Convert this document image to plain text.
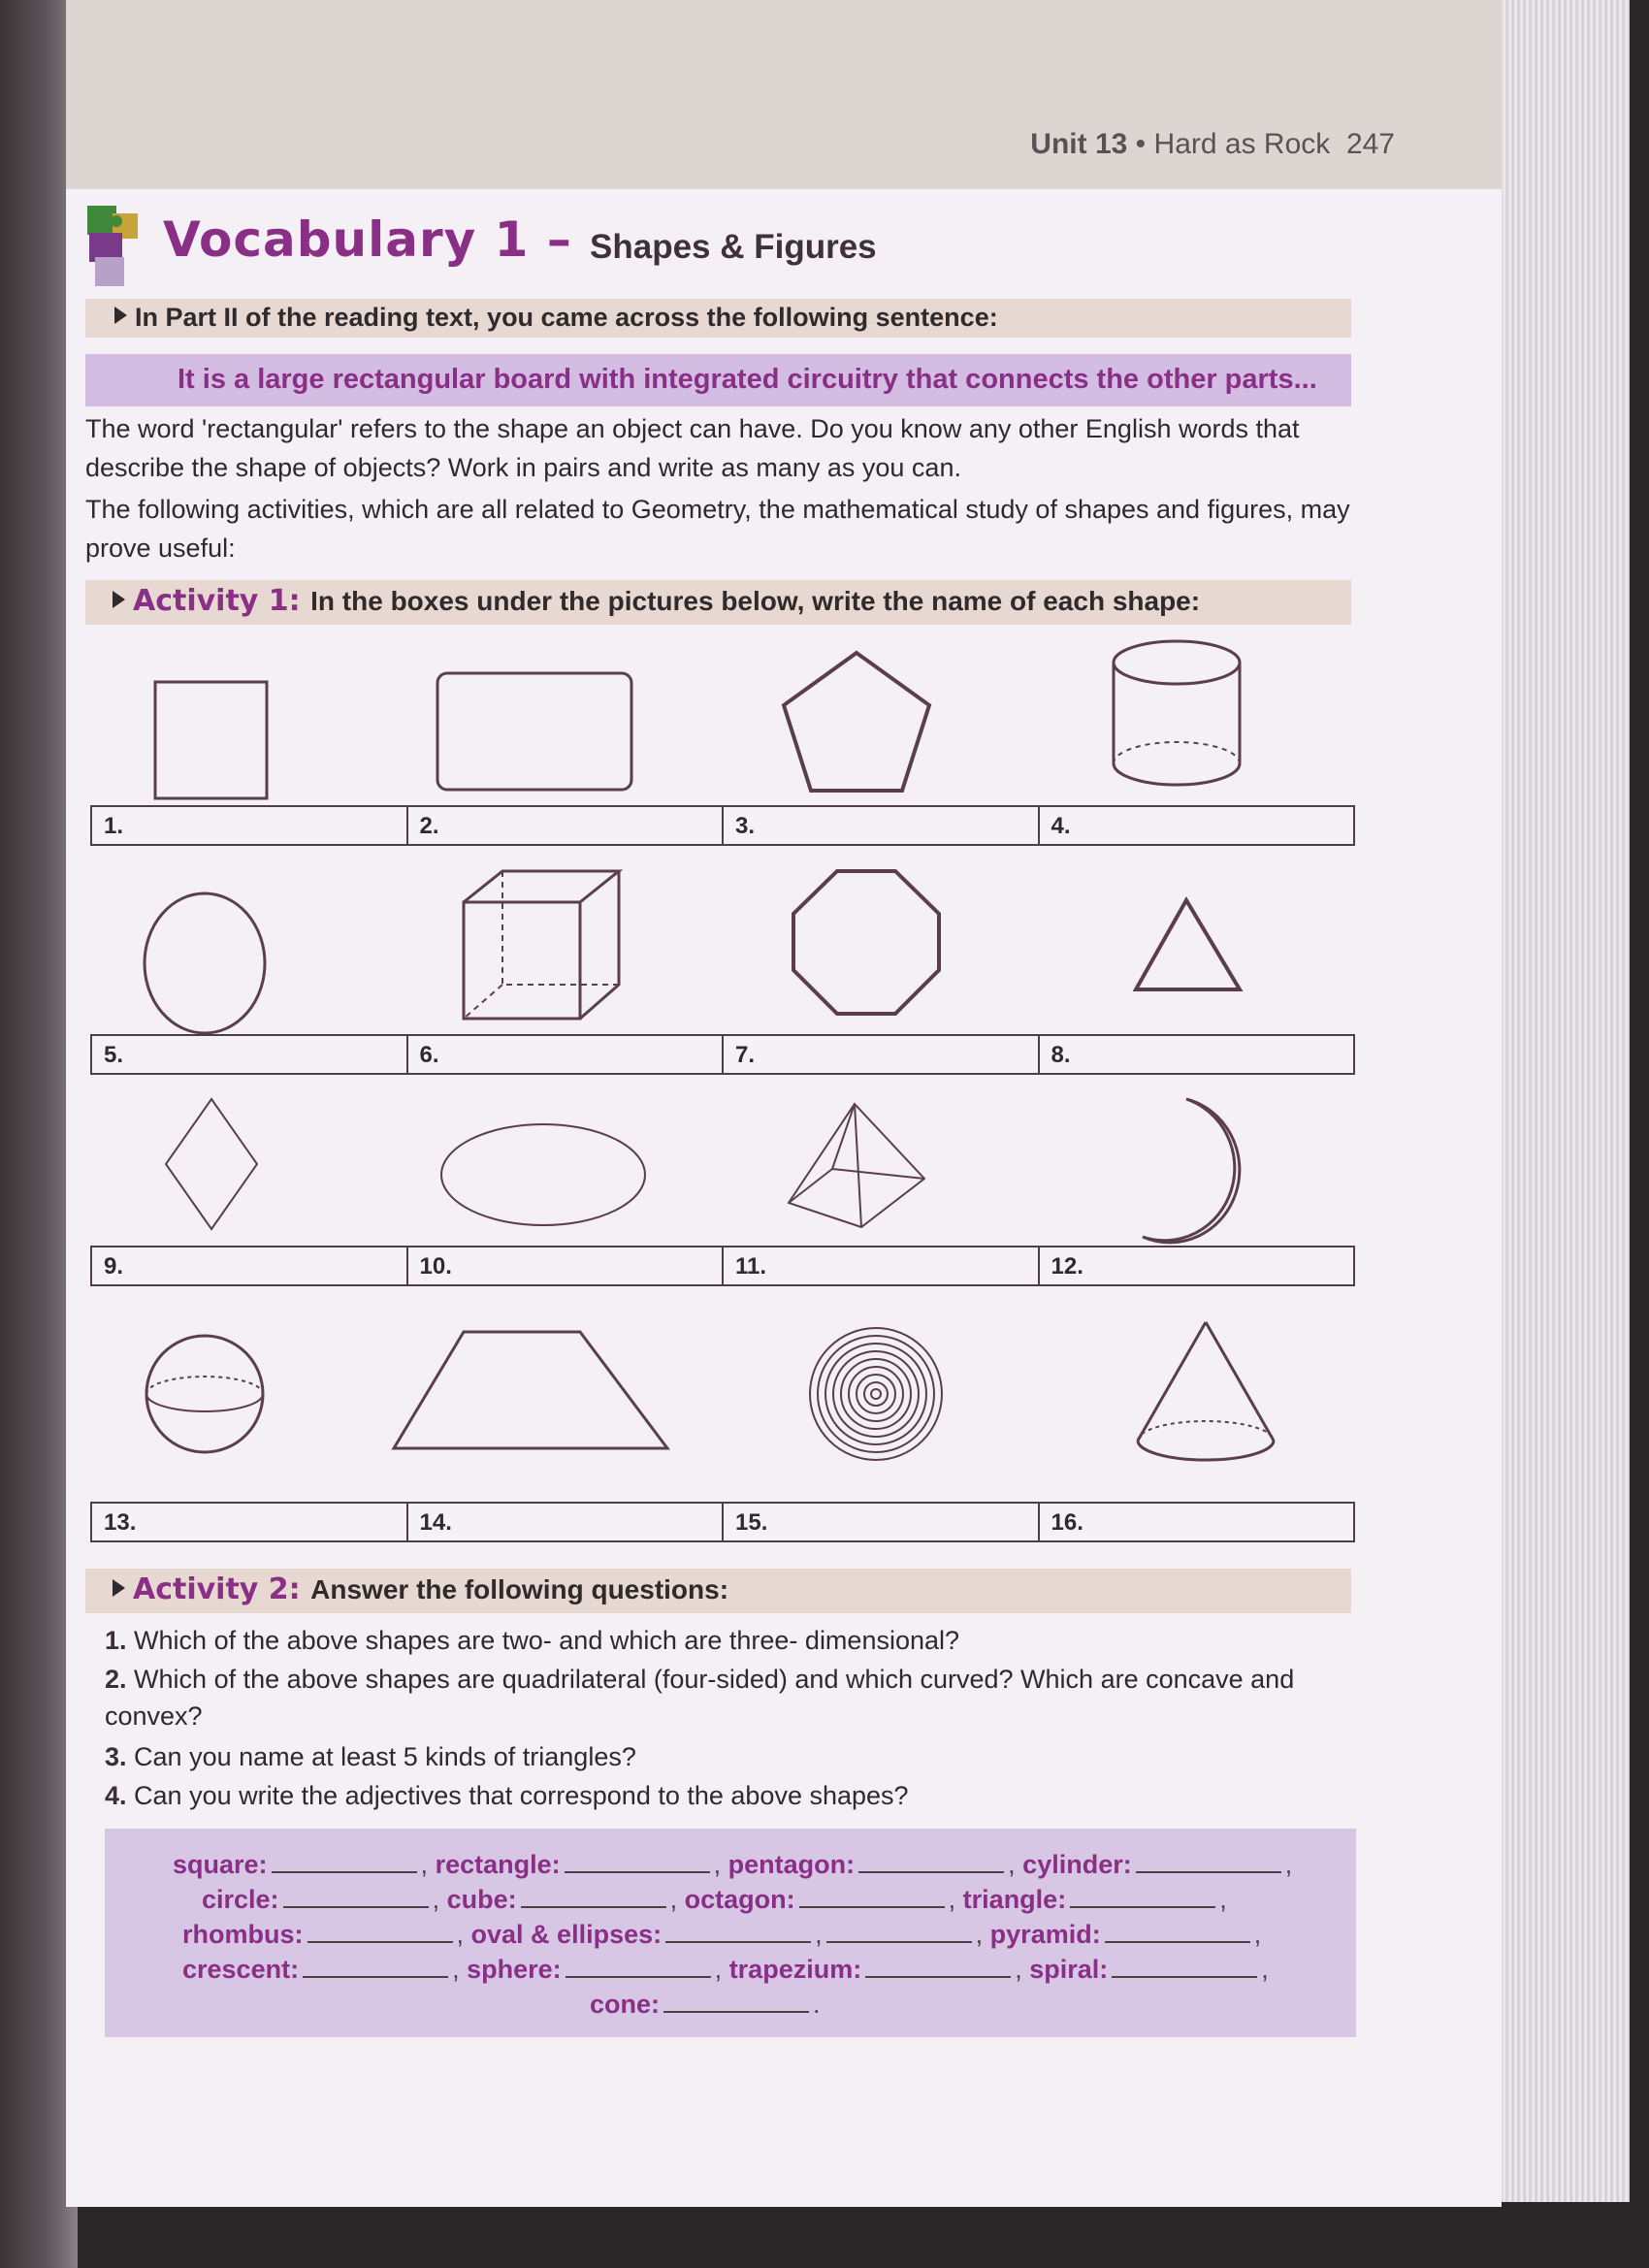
Unit 13 • Hard as Rock 247
Vocabulary 1 – Shapes & Figures
In Part II of the reading text, you came across the following sentence:
It is a large rectangular board with integrated circuitry that connects the other parts...
The word 'rectangular' refers to the shape an object can have. Do you know any other English words that describe the shape of objects? Work in pairs and write as many as you can.
The following activities, which are all related to Geometry, the mathematical study of shapes and figures, may prove useful:
Activity 1: In the boxes under the pictures below, write the name of each shape:
1.	2.	3.	4.
5.	6.	7.	8.
9.	10.	11.	12.
13.	14.	15.	16.
Activity 2: Answer the following questions:
1. Which of the above shapes are two- and which are three- dimensional?
2. Which of the above shapes are quadrilateral (four-sided) and which curved? Which are concave and convex?
3. Can you name at least 5 kinds of triangles?
4. Can you write the adjectives that correspond to the above shapes?
square:	, rectangle:	, pentagon:	, cylinder:	,
circle:	, cube:	, octagon:	, triangle:	,
rhombus:	, oval & ellipses:	,	, pyramid:	,
crescent:	, sphere:	, trapezium:	, spiral:	,
cone:	.
